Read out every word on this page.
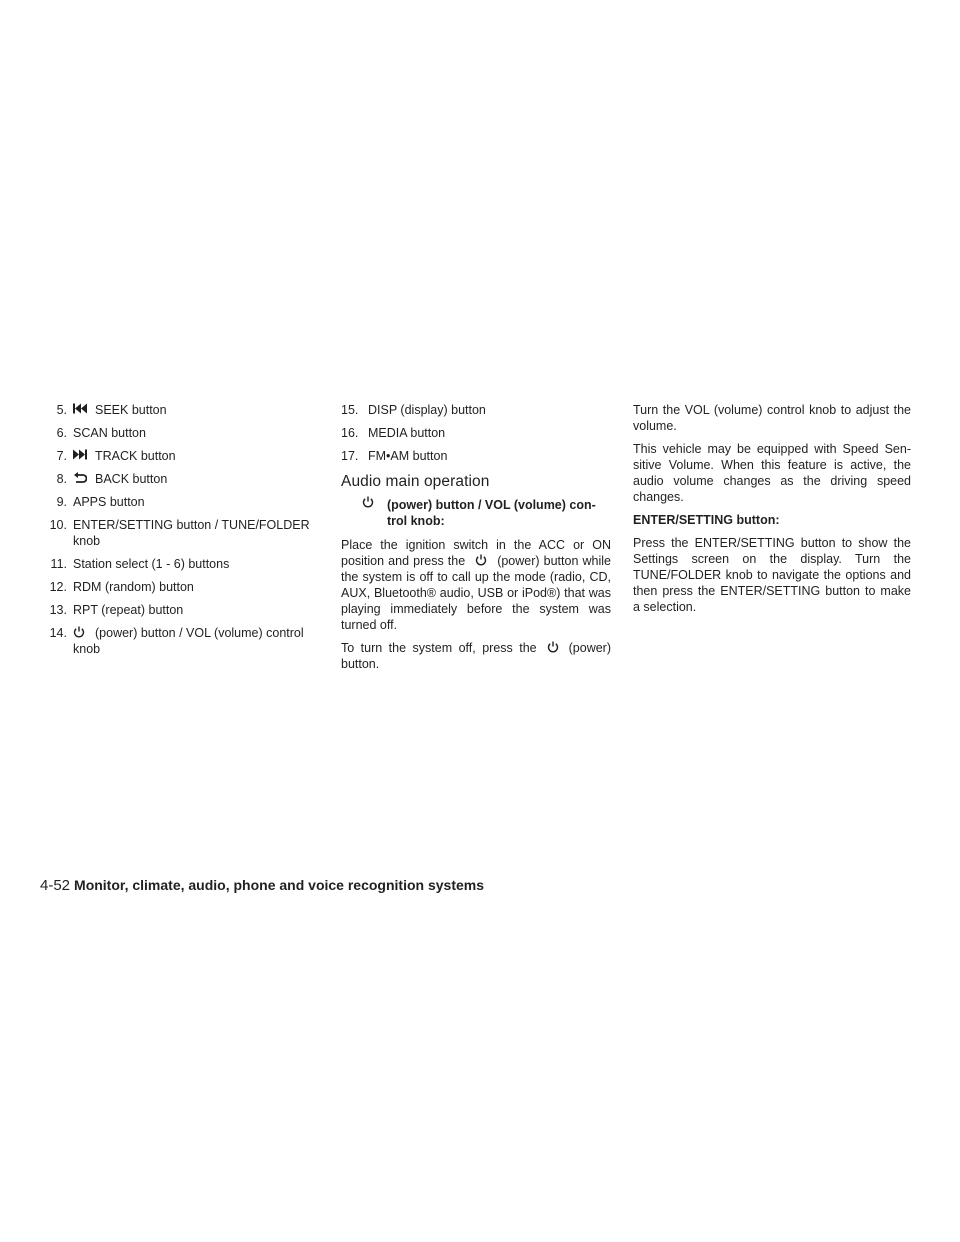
5. SEEK button
6. SCAN button
7. TRACK button
8. BACK button
9. APPS button
10. ENTER/SETTING button / TUNE/FOLDER knob
11. Station select (1 - 6) buttons
12. RDM (random) button
13. RPT (repeat) button
14. (power) button / VOL (volume) control knob
15. DISP (display) button
16. MEDIA button
17. FM•AM button
Audio main operation
(power) button / VOL (volume) con- trol knob:

Place the ignition switch in the ACC or ON position and press the	(power) button while the system is off to call up the mode (radio, CD, AUX, Bluetooth® audio, USB or iPod®) that was playing immediately before the system was turned off.

To turn the system off, press the	(power) button.

Turn the VOL (volume) control knob to adjust the volume.

This vehicle may be equipped with Speed Sen- sitive Volume. When this feature is active, the audio volume changes as the driving speed changes.

ENTER/SETTING button:

Press the ENTER/SETTING button to show the Settings screen on the display. Turn the TUNE/FOLDER knob to navigate the options and then press the ENTER/SETTING button to make a selection.

4-52 Monitor, climate, audio, phone and voice recognition systems
